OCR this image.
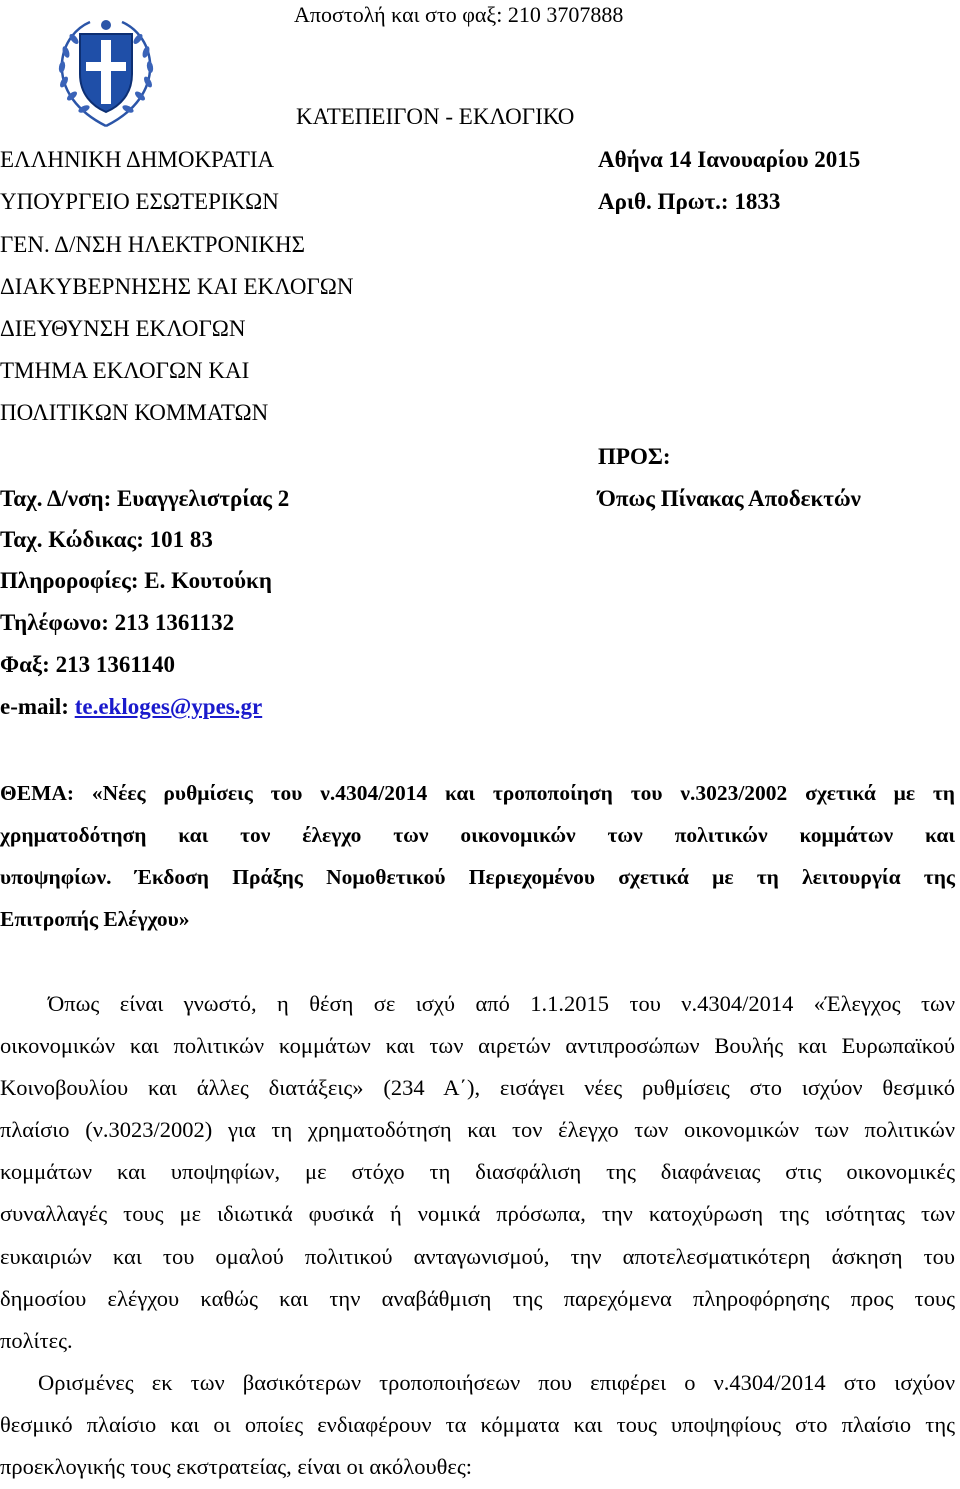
Αποστολή και στο φαξ: 210 3707888
ΚΑΤΕΠΕΙΓΟΝ - ΕΚΛΟΓΙΚΟ
ΕΛΛΗΝΙΚΗ ΔΗΜΟΚΡΑΤΙΑ	Αθήνα 14 Ιανουαρίου 2015
ΥΠΟΥΡΓΕΙΟ ΕΣΩΤΕΡΙΚΩΝ	Αριθ. Πρωτ.: 1833
ΓΕΝ. Δ/ΝΣΗ ΗΛΕΚΤΡΟΝΙΚΗΣ
ΔΙΑΚΥΒΕΡΝΗΣΗΣ ΚΑΙ ΕΚΛΟΓΩΝ
ΔΙΕΥΘΥΝΣΗ ΕΚΛΟΓΩΝ
ΤΜΗΜΑ ΕΚΛΟΓΩΝ ΚΑΙ
ΠΟΛΙΤΙΚΩΝ ΚΟΜΜΑΤΩΝ
ΠΡΟΣ:
Όπως Πίνακας Αποδεκτών
Ταχ. Δ/νση: Ευαγγελιστρίας 2
Ταχ. Κώδικας: 101 83
Πληροροφίες: Ε. Κουτούκη
Τηλέφωνο: 213 1361132
Φαξ: 213 1361140
e-mail: te.ekloges@ypes.gr
ΘΕΜΑ: «Νέες ρυθμίσεις του ν.4304/2014 και τροποποίηση του ν.3023/2002 σχετικά με τη
χρηματοδότηση και τον έλεγχο των οικονομικών των πολιτικών κομμάτων και
υποψηφίων. Έκδοση Πράξης Νομοθετικού Περιεχομένου σχετικά με τη λειτουργία της
Επιτροπής Ελέγχου»
Όπως είναι γνωστό, η θέση σε ισχύ από 1.1.2015 του ν.4304/2014 «Έλεγχος των
οικονομικών και πολιτικών κομμάτων και των αιρετών αντιπροσώπων Βουλής και Ευρωπαϊκού
Κοινοβουλίου και άλλες διατάξεις» (234 Α΄), εισάγει νέες ρυθμίσεις στο ισχύον θεσμικό
πλαίσιο (ν.3023/2002) για τη χρηματοδότηση και τον έλεγχο των οικονομικών των πολιτικών
κομμάτων και υποψηφίων, με στόχο τη διασφάλιση της διαφάνειας στις οικονομικές
συναλλαγές τους με ιδιωτικά φυσικά ή νομικά πρόσωπα, την κατοχύρωση της ισότητας των
ευκαιριών και του ομαλού πολιτικού ανταγωνισμού, την αποτελεσματικότερη άσκηση του
δημοσίου ελέγχου καθώς και την αναβάθμιση της παρεχόμενα πληροφόρησης προς τους
πολίτες.
Ορισμένες εκ των βασικότερων τροποποιήσεων που επιφέρει ο ν.4304/2014 στο ισχύον
θεσμικό πλαίσιο και οι οποίες ενδιαφέρουν τα κόμματα και τους υποψηφίους στο πλαίσιο της
προεκλογικής τους εκστρατείας, είναι οι ακόλουθες:
